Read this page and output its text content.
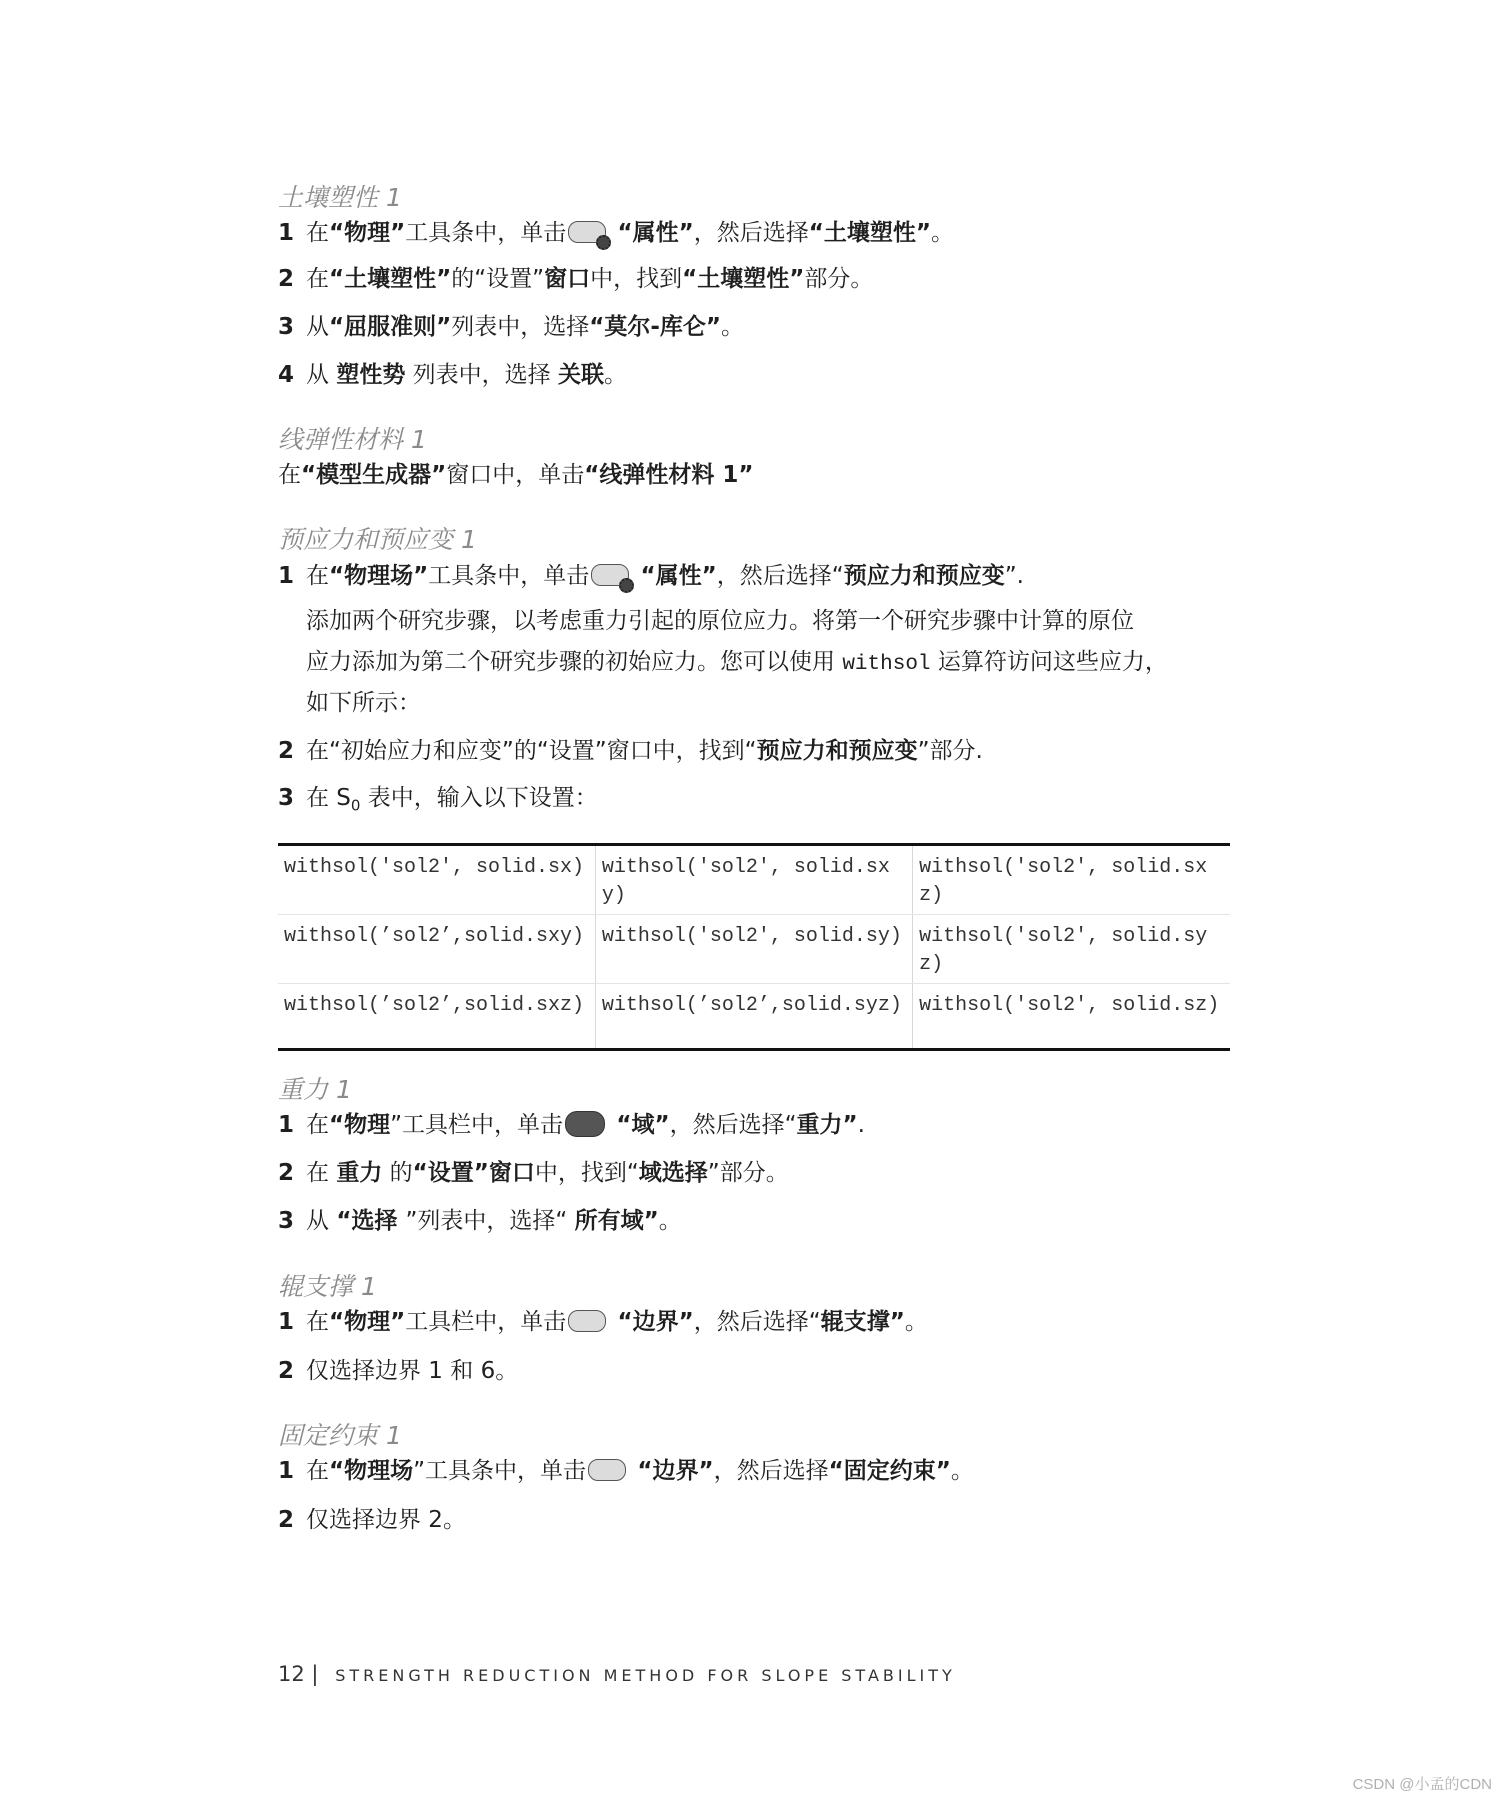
土壤塑性 1
1 在“物理”工具条中，单击 “属性”，然后选择“土壤塑性”。
2 在“土壤塑性”的“设置”窗口中，找到“土壤塑性”部分。
3 从“屈服准则”列表中，选择“莫尔-库仑”。
4 从 塑性势 列表中，选择 关联。
线弹性材料 1
在“模型生成器”窗口中，单击“线弹性材料 1”
预应力和预应变 1
1 在“物理场”工具条中，单击 “属性”，然后选择“预应力和预应变”.
添加两个研究步骤，以考虑重力引起的原位应力。将第一个研究步骤中计算的原位
应力添加为第二个研究步骤的初始应力。您可以使用 withsol 运算符访问这些应力，
如下所示：
2 在“初始应力和应变”的“设置”窗口中，找到“预应力和预应变”部分.
3 在 $S_0$ 表中，输入以下设置：
withsol('sol2', solid.sx)	withsol('sol2', solid.sxy)	withsol('sol2', solid.sxz)
withsol(’sol2’,solid.sxy)	withsol('sol2', solid.sy)	withsol('sol2', solid.syz)
withsol(’sol2’,solid.sxz)	withsol(’sol2’,solid.syz)	withsol('sol2', solid.sz)
重力 1
1 在“物理”工具栏中，单击 “域”，然后选择“重力”.
2 在 重力 的“设置”窗口中，找到“域选择”部分。
3 从 “选择 ”列表中，选择“ 所有域”。
辊支撑 1
1 在“物理”工具栏中，单击 “边界”，然后选择“辊支撑”。
2 仅选择边界 1 和 6。
固定约束 1
1 在“物理场”工具条中，单击 “边界”，然后选择“固定约束”。
2 仅选择边界 2。
12 | STRENGTH REDUCTION METHOD FOR SLOPE STABILITY
CSDN @小孟的CDN
